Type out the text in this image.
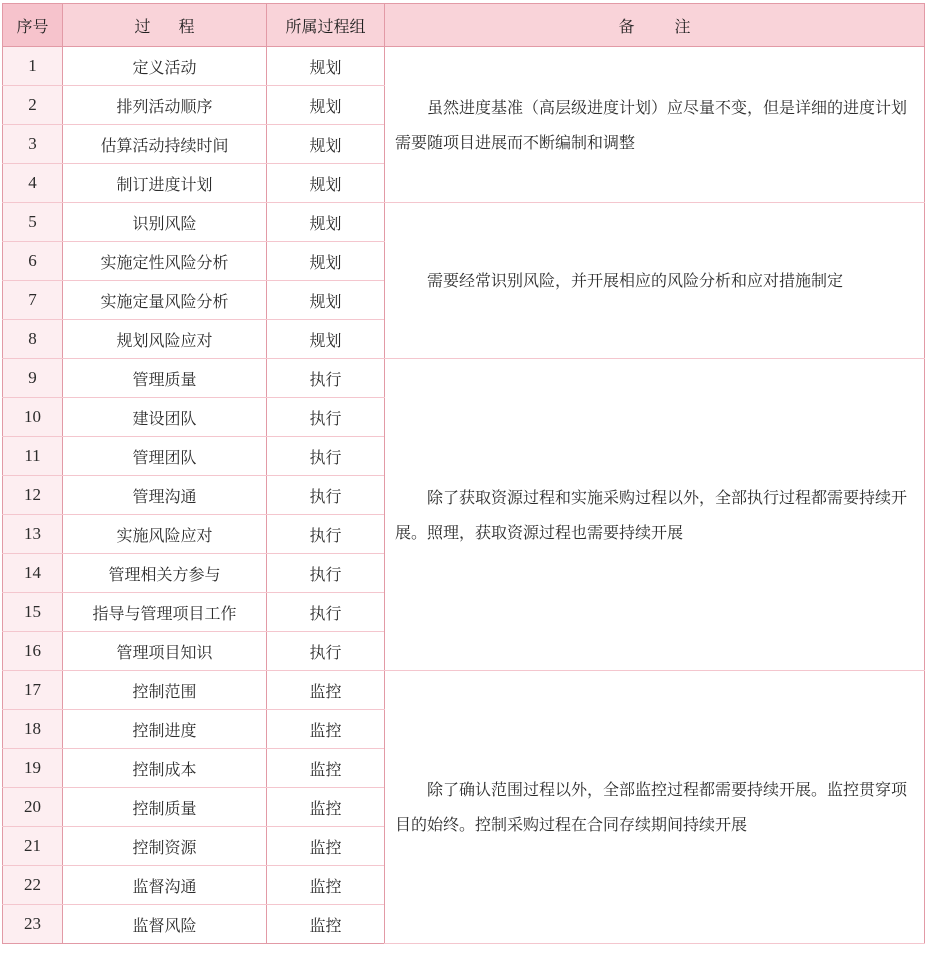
序号	过程	所属过程组	备注
1	定义活动	规划	虽然进度基准（高层级进度计划）应尽量不变，但是详细的进度计划需要随项目进展而不断编制和调整

2	排列活动顺序	规划	
3	估算活动持续时间	规划	
4	制订进度计划	规划	
5	识别风险	规划	需要经常识别风险，并开展相应的风险分析和应对措施制定

6	实施定性风险分析	规划	
7	实施定量风险分析	规划	
8	规划风险应对	规划	
9	管理质量	执行	除了获取资源过程和实施采购过程以外，全部执行过程都需要持续开展。照理，获取资源过程也需要持续开展

10	建设团队	执行	
11	管理团队	执行	
12	管理沟通	执行	
13	实施风险应对	执行	
14	管理相关方参与	执行	
15	指导与管理项目工作	执行	
16	管理项目知识	执行	
17	控制范围	监控	除了确认范围过程以外，全部监控过程都需要持续开展。监控贯穿项目的始终。控制采购过程在合同存续期间持续开展

18	控制进度	监控	
19	控制成本	监控	
20	控制质量	监控	
21	控制资源	监控	
22	监督沟通	监控	
23	监督风险	监控	
